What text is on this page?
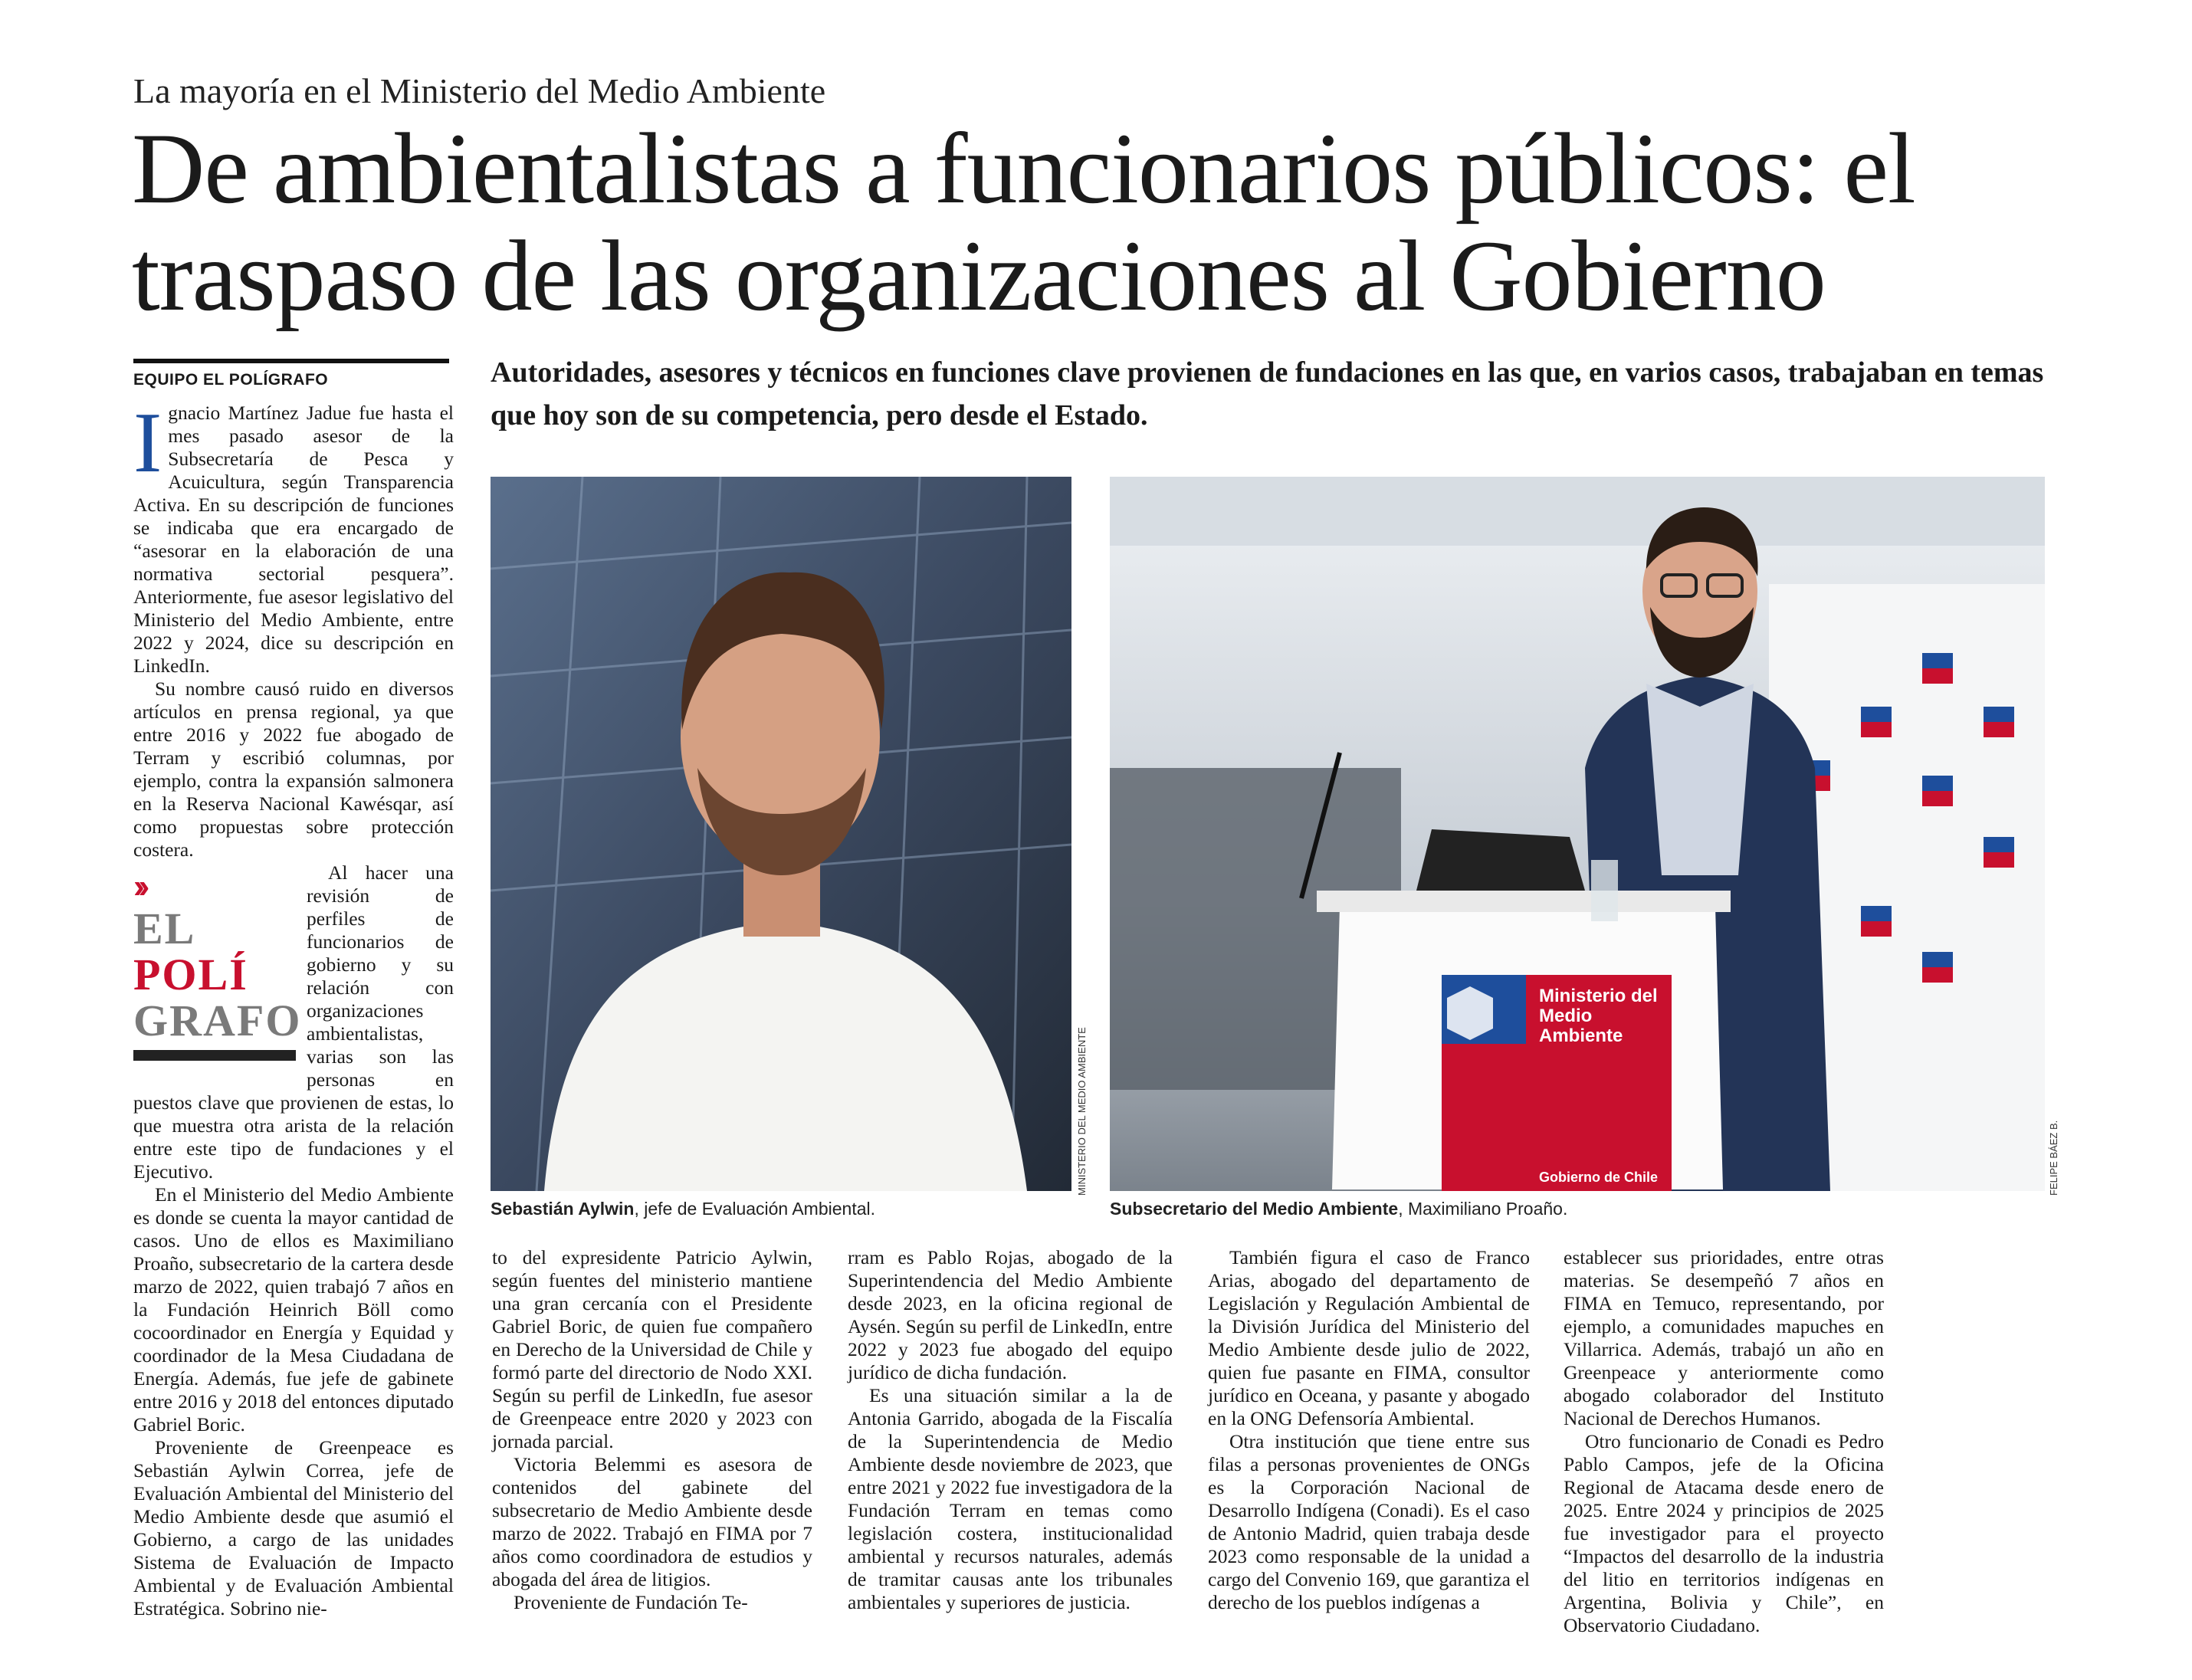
La mayoría en el Ministerio del Medio Ambiente
De ambientalistas a funcionarios públicos: el traspaso de las organizaciones al Gobierno
EQUIPO EL POLÍGRAFO	Autoridades, asesores y técnicos en funciones clave provienen de fundaciones en las que, en varios casos, trabajaban en temas que hoy son de su competencia, pero desde el Estado.
I gnacio Martínez Jadue fue hasta el mes pasado asesor de la Subsecretaría de Pesca y Acuicultura, según Transparencia Activa. En su descripción de funciones se indicaba que era encargado de “asesorar en la elaboración de una normativa sectorial pesquera”. Anteriormente, fue asesor legislativo del Ministerio del Medio Ambiente, entre 2022 y 2024, dice su descripción en LinkedIn.

Su nombre causó ruido en diversos artículos en prensa regional, ya que entre 2016 y 2022 fue abogado de Terram y escribió columnas, por ejemplo, contra la expansión salmonera en la Reserva Nacional Kawésqar, así como propuestas sobre protección costera.

››
EL
POLÍ
GRAFO

Al hacer una revisión de perfiles de funcionarios de gobierno y su relación con organizaciones ambientalistas, varias son las personas en puestos clave que provienen de estas, lo que muestra otra arista de la relación entre este tipo de fundaciones y el Ejecutivo.

En el Ministerio del Medio Ambiente es donde se cuenta la mayor cantidad de casos. Uno de ellos es Maximiliano Proaño, subsecretario de la cartera desde marzo de 2022, quien trabajó 7 años en la Fundación Heinrich Böll como cocoordinador en Energía y Equidad y coordinador de la Mesa Ciudadana de Energía. Además, fue jefe de gabinete entre 2016 y 2018 del entonces diputado Gabriel Boric.

Proveniente de Greenpeace es Sebastián Aylwin Correa, jefe de Evaluación Ambiental del Ministerio del Medio Ambiente desde que asumió el Gobierno, a cargo de las unidades Sistema de Evaluación de Impacto Ambiental y de Evaluación Ambiental Estratégica. Sobrino nie-

MINISTERIO DEL MEDIO AMBIENTE
Sebastián Aylwin, jefe de Evaluación Ambiental.
Ministerio del
Medio
Ambiente
Gobierno de Chile	FELIPE BÁEZ B.
Subsecretario del Medio Ambiente, Maximiliano Proaño.

to del expresidente Patricio Aylwin, según fuentes del ministerio mantiene una gran cercanía con el Presidente Gabriel Boric, de quien fue compañero en Derecho de la Universidad de Chile y formó parte del directorio de Nodo XXI. Según su perfil de LinkedIn, fue asesor de Greenpeace entre 2020 y 2023 con jornada parcial.

Victoria Belemmi es asesora de contenidos del gabinete del subsecretario de Medio Ambiente desde marzo de 2022. Trabajó en FIMA por 7 años como coordinadora de estudios y abogada del área de litigios.

Proveniente de Fundación Te-

rram es Pablo Rojas, abogado de la Superintendencia del Medio Ambiente desde 2023, en la oficina regional de Aysén. Según su perfil de LinkedIn, entre 2022 y 2023 fue abogado del equipo jurídico de dicha fundación.

Es una situación similar a la de Antonia Garrido, abogada de la Fiscalía de la Superintendencia de Medio Ambiente desde noviembre de 2023, que entre 2021 y 2022 fue investigadora de la Fundación Terram en temas como legislación costera, institucionalidad ambiental y recursos naturales, además de tramitar causas ante los tribunales ambientales y superiores de justicia.

También figura el caso de Franco Arias, abogado del departamento de Legislación y Regulación Ambiental de la División Jurídica del Ministerio del Medio Ambiente desde julio de 2022, quien fue pasante en FIMA, consultor jurídico en Oceana, y pasante y abogado en la ONG Defensoría Ambiental.

Otra institución que tiene entre sus filas a personas provenientes de ONGs es la Corporación Nacional de Desarrollo Indígena (Conadi). Es el caso de Antonio Madrid, quien trabaja desde 2023 como responsable de la unidad a cargo del Convenio 169, que garantiza el derecho de los pueblos indígenas a

establecer sus prioridades, entre otras materias. Se desempeñó 7 años en FIMA en Temuco, representando, por ejemplo, a comunidades mapuches en Villarrica. Además, trabajó un año en Greenpeace y anteriormente como abogado colaborador del Instituto Nacional de Derechos Humanos.

Otro funcionario de Conadi es Pedro Pablo Campos, jefe de la Oficina Regional de Atacama desde enero de 2025. Entre 2024 y principios de 2025 fue investigador para el proyecto “Impactos del desarrollo de la industria del litio en territorios indígenas en Argentina, Bolivia y Chile”, en Observatorio Ciudadano.
